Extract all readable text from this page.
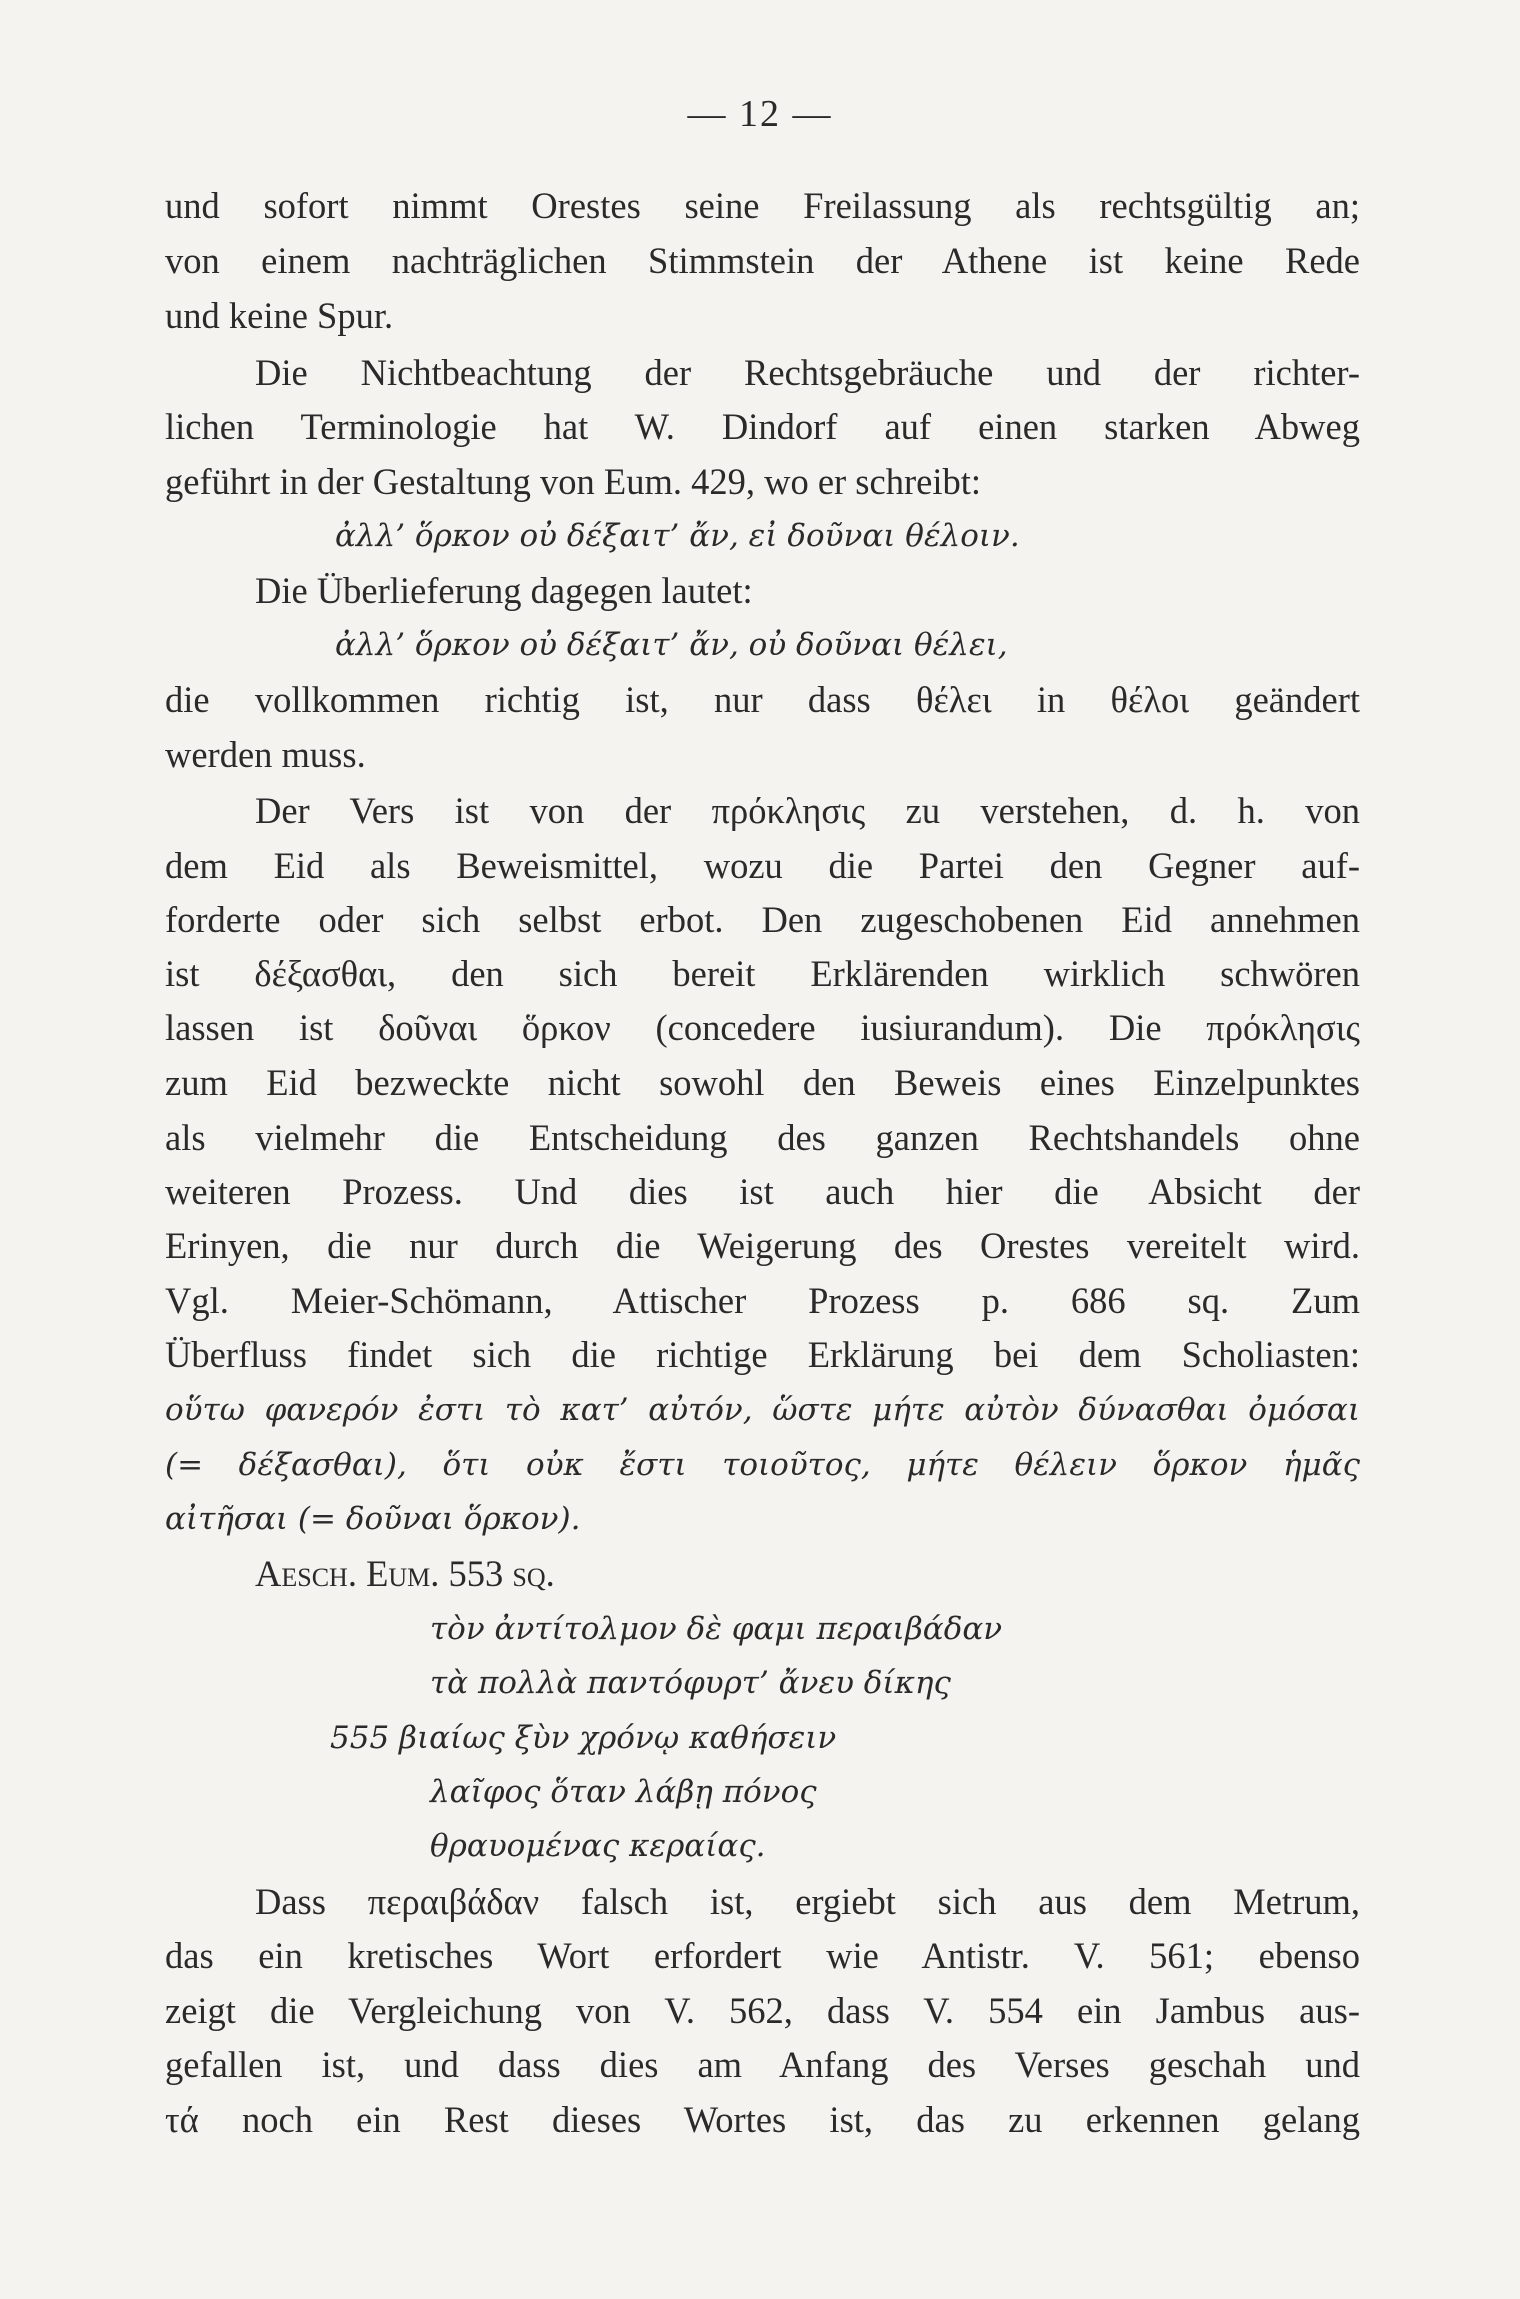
— 12 —
und sofort nimmt Orestes seine Freilassung als rechtsgültig an;
von einem nachträglichen Stimmstein der Athene ist keine Rede
und keine Spur.
Die Nichtbeachtung der Rechtsgebräuche und der richter-
lichen Terminologie hat W. Dindorf auf einen starken Abweg
geführt in der Gestaltung von Eum. 429, wo er schreibt:
ἀλλ’ ὅρκον οὐ δέξαιτ’ ἄν, εἰ δοῦναι θέλοιν.
Die Überlieferung dagegen lautet:
ἀλλ’ ὅρκον οὐ δέξαιτ’ ἄν, οὐ δοῦναι θέλει,
die vollkommen richtig ist, nur dass θέλει in θέλοι geändert
werden muss.
Der Vers ist von der πρόκλησις zu verstehen, d. h. von
dem Eid als Beweismittel, wozu die Partei den Gegner auf-
forderte oder sich selbst erbot. Den zugeschobenen Eid annehmen
ist δέξασθαι, den sich bereit Erklärenden wirklich schwören
lassen ist δοῦναι ὅρκον (concedere iusiurandum). Die πρόκλησις
zum Eid bezweckte nicht sowohl den Beweis eines Einzelpunktes
als vielmehr die Entscheidung des ganzen Rechtshandels ohne
weiteren Prozess. Und dies ist auch hier die Absicht der
Erinyen, die nur durch die Weigerung des Orestes vereitelt wird.
Vgl. Meier-Schömann, Attischer Prozess p. 686 sq. Zum
Überfluss findet sich die richtige Erklärung bei dem Scholiasten:
οὕτω φανερόν ἐστι τὸ κατ’ αὐτόν, ὥστε μήτε αὐτὸν δύνασθαι ὀμόσαι
(= δέξασθαι), ὅτι οὐκ ἔστι τοιοῦτος, μήτε θέλειν ὅρκον ἡμᾶς
αἰτῆσαι (= δοῦναι ὅρκον).
Aesch. Eum. 553 sq.
τὸν ἀντίτολμον δὲ φαμι περαιβάδαν
τὰ πολλὰ παντόφυρτ’ ἄνευ δίκης
555 βιαίως ξὺν χρόνῳ καθήσειν
λαῖφος ὅταν λάβῃ πόνος
θραυομένας κεραίας.
Dass περαιβάδαν falsch ist, ergiebt sich aus dem Metrum,
das ein kretisches Wort erfordert wie Antistr. V. 561; ebenso
zeigt die Vergleichung von V. 562, dass V. 554 ein Jambus aus-
gefallen ist, und dass dies am Anfang des Verses geschah und
τά noch ein Rest dieses Wortes ist, das zu erkennen gelang
